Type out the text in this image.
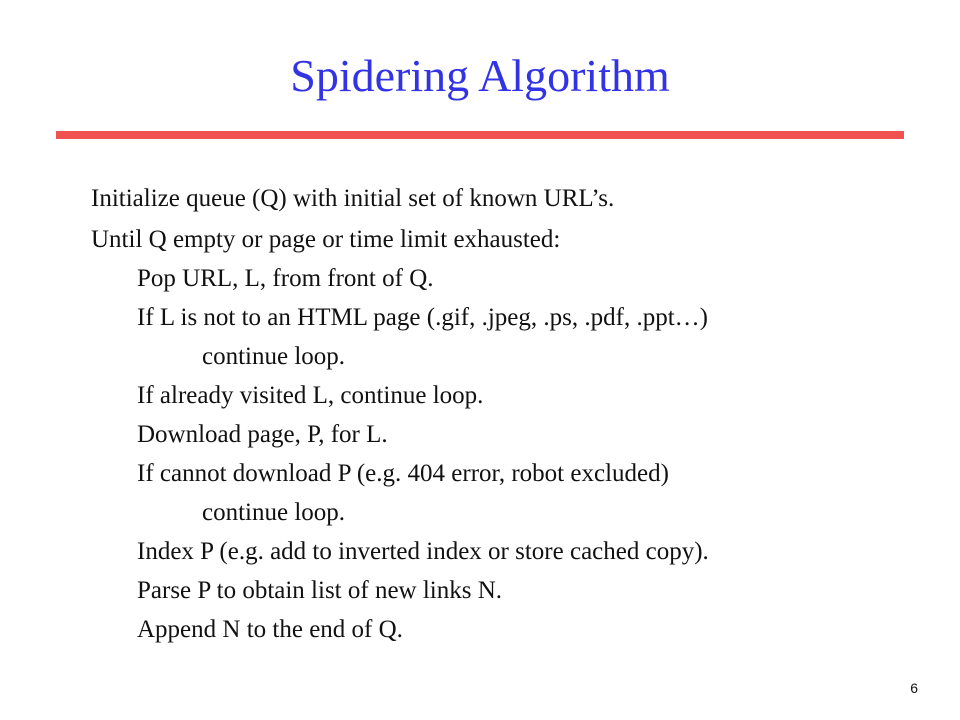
Spidering Algorithm
Initialize queue (Q) with initial set of known URL’s.
Until Q empty or page or time limit exhausted:
Pop URL, L, from front of Q.
If L is not to an HTML page (.gif, .jpeg, .ps, .pdf, .ppt…)
continue loop.
If already visited L, continue loop.
Download page, P, for L.
If cannot download P (e.g. 404 error, robot excluded)
continue loop.
Index P (e.g. add to inverted index or store cached copy).
Parse P to obtain list of new links N.
Append N to the end of Q.
6
